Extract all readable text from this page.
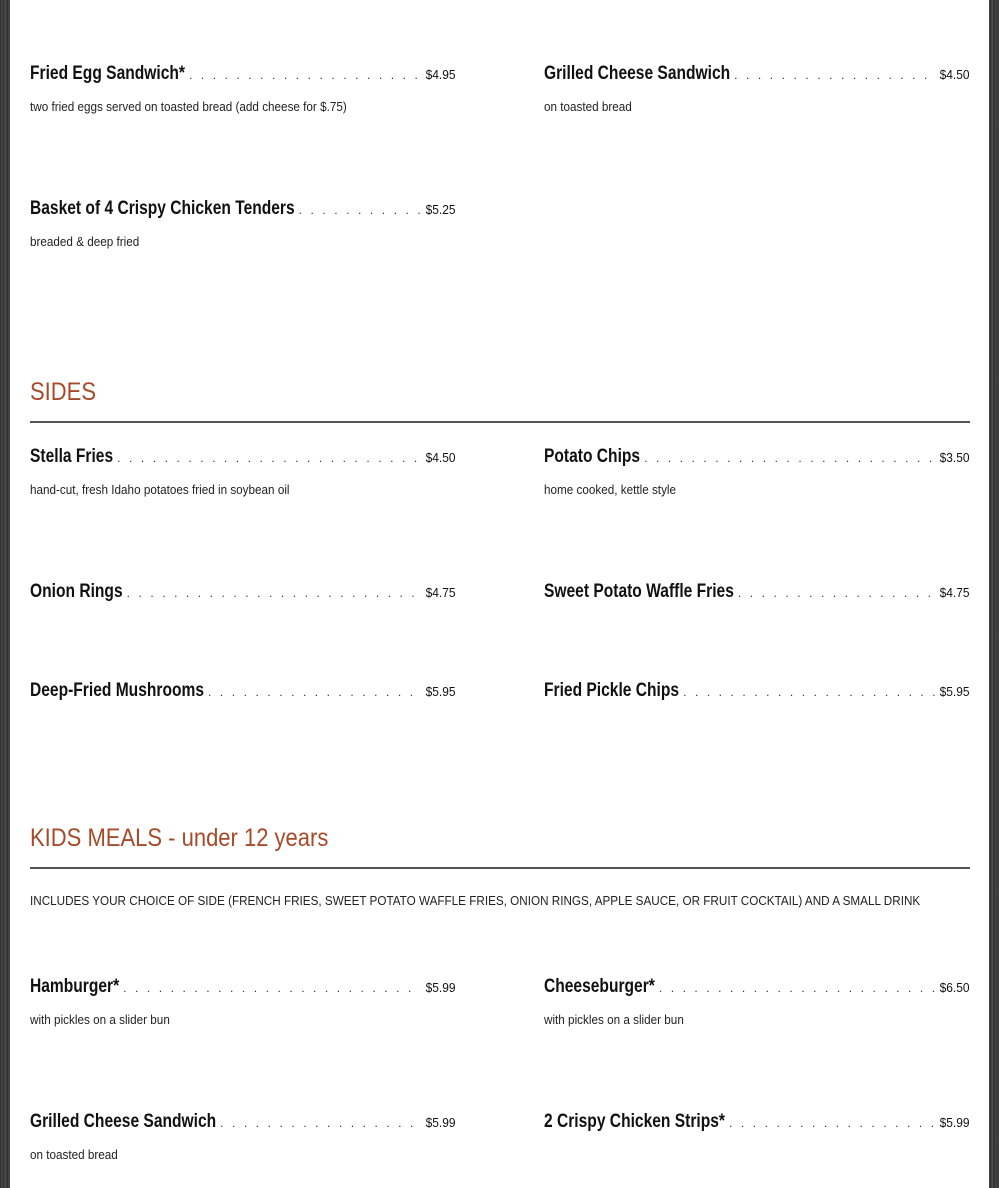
Fried Egg Sandwich* . . .	$4.95
two fried eggs served on toasted bread (add cheese for $.75)
Grilled Cheese Sandwich . . .	$4.50
on toasted bread
Basket of 4 Crispy Chicken Tenders . . .	$5.25
breaded & deep fried
SIDES
Stella Fries . . .	$4.50
hand-cut, fresh Idaho potatoes fried in soybean oil
Potato Chips . . .	$3.50
home cooked, kettle style
Onion Rings . . .	$4.75	Sweet Potato Waffle Fries . . .	$4.75
Deep-Fried Mushrooms . . .	$5.95	Fried Pickle Chips . . .	$5.95
KIDS MEALS - under 12 years
INCLUDES YOUR CHOICE OF SIDE (FRENCH FRIES, SWEET POTATO WAFFLE FRIES, ONION RINGS, APPLE SAUCE, OR FRUIT COCKTAIL) AND A SMALL DRINK
Hamburger* . . .	$5.99
with pickles on a slider bun
Cheeseburger* . . .	$6.50
with pickles on a slider bun
Grilled Cheese Sandwich . . .	$5.99
on toasted bread
2 Crispy Chicken Strips* . . .	$5.99
